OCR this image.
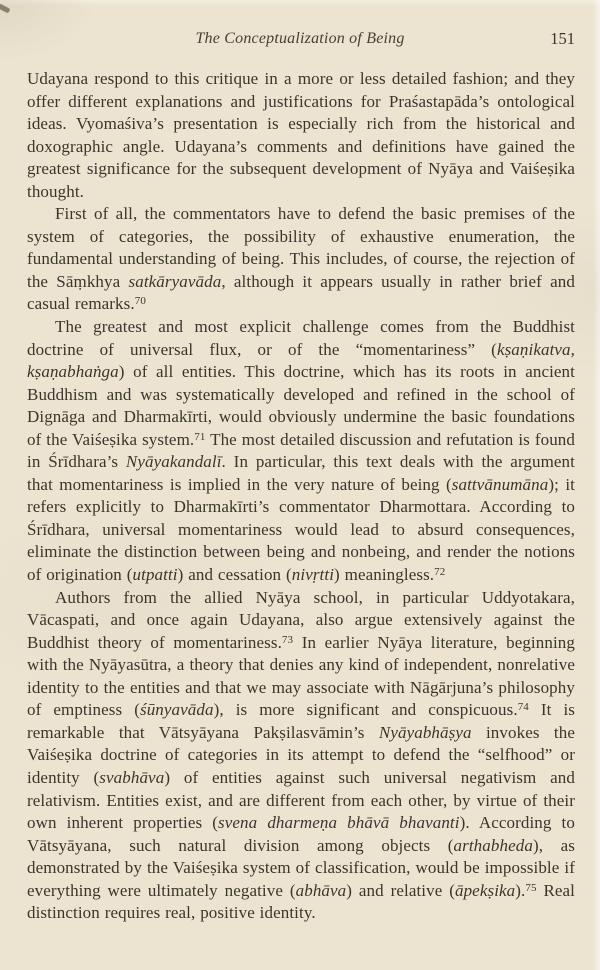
The Conceptualization of Being	151

Udayana respond to this critique in a more or less detailed fashion; and they offer different explanations and justifications for Praśastapāda’s ontological ideas. Vyomaśiva’s presentation is especially rich from the historical and doxographic angle. Udayana’s comments and definitions have gained the greatest significance for the subsequent development of Nyāya and Vaiśeṣika thought.

First of all, the commentators have to defend the basic premises of the system of categories, the possibility of exhaustive enumeration, the fundamental understanding of being. This includes, of course, the rejection of the Sāṃkhya satkāryavāda, although it appears usually in rather brief and casual remarks.$^{70}$

The greatest and most explicit challenge comes from the Buddhist doctrine of universal flux, or of the “momentariness” (kṣaṇikatva, kṣaṇabhaṅga) of all entities. This doctrine, which has its roots in ancient Buddhism and was systematically developed and refined in the school of Dignāga and Dharmakīrti, would obviously undermine the basic foundations of the Vaiśeṣika system.$^{71}$ The most detailed discussion and refutation is found in Śrīdhara’s Nyāyakandalī. In particular, this text deals with the argument that momentariness is implied in the very nature of being (sattvānumāna); it refers explicitly to Dharmakīrti’s commentator Dharmottara. According to Śrīdhara, universal momentariness would lead to absurd consequences, eliminate the distinction between being and nonbeing, and render the notions of origination (utpatti) and cessation (nivṛtti) meaningless.$^{72}$

Authors from the allied Nyāya school, in particular Uddyotakara, Vācaspati, and once again Udayana, also argue extensively against the Buddhist theory of momentariness.$^{73}$ In earlier Nyāya literature, beginning with the Nyāyasūtra, a theory that denies any kind of independent, nonrelative identity to the entities and that we may associate with Nāgārjuna’s philosophy of emptiness (śūnyavāda), is more significant and conspicuous.$^{74}$ It is remarkable that Vātsyāyana Pakṣilasvāmin’s Nyāyabhāṣya invokes the Vaiśeṣika doctrine of categories in its attempt to defend the “selfhood” or identity (svabhāva) of entities against such universal negativism and relativism. Entities exist, and are different from each other, by virtue of their own inherent properties (svena dharmeṇa bhāvā bhavanti). According to Vātsyāyana, such natural division among objects (arthabheda), as demonstrated by the Vaiśeṣika system of classification, would be impossible if everything were ultimately negative (abhāva) and relative (āpekṣika).$^{75}$ Real distinction requires real, positive identity.
